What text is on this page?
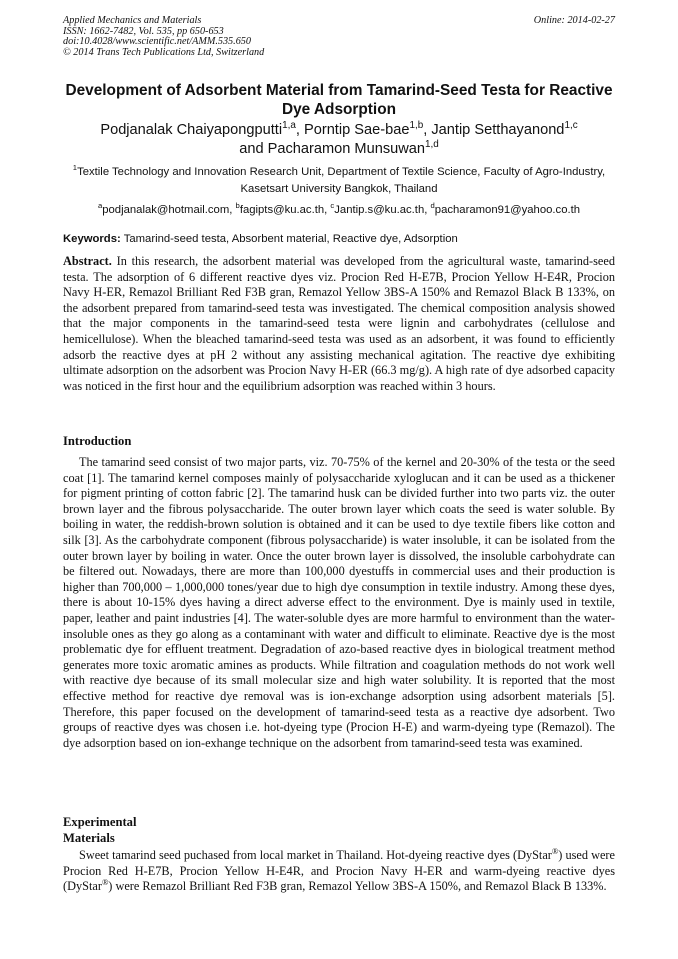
Applied Mechanics and Materials
ISSN: 1662-7482, Vol. 535, pp 650-653
doi:10.4028/www.scientific.net/AMM.535.650
© 2014 Trans Tech Publications Ltd, Switzerland
Online: 2014-02-27
Development of Adsorbent Material from Tamarind-Seed Testa for Reactive Dye Adsorption
Podjanalak Chaiyapongputti$^{1,a}$, Porntip Sae-bae$^{1,b}$, Jantip Setthayanond$^{1,c}$
and Pacharamon Munsuwan$^{1,d}$
$^1$Textile Technology and Innovation Research Unit, Department of Textile Science, Faculty of Agro-Industry, Kasetsart University Bangkok, Thailand
$^a$podjanalak@hotmail.com, $^b$fagipts@ku.ac.th, $^c$Jantip.s@ku.ac.th, $^d$pacharamon91@yahoo.co.th
Keywords: Tamarind-seed testa, Absorbent material, Reactive dye, Adsorption
Abstract. In this research, the adsorbent material was developed from the agricultural waste, tamarind-seed testa. The adsorption of 6 different reactive dyes viz. Procion Red H-E7B, Procion Yellow H-E4R, Procion Navy H-ER, Remazol Brilliant Red F3B gran, Remazol Yellow 3BS-A 150% and Remazol Black B 133%, on the adsorbent prepared from tamarind-seed testa was investigated. The chemical composition analysis showed that the major components in the tamarind-seed testa were lignin and carbohydrates (cellulose and hemicellulose). When the bleached tamarind-seed testa was used as an adsorbent, it was found to efficiently adsorb the reactive dyes at pH 2 without any assisting mechanical agitation. The reactive dye exhibiting ultimate adsorption on the adsorbent was Procion Navy H-ER (66.3 mg/g). A high rate of dye adsorbed capacity was noticed in the first hour and the equilibrium adsorption was reached within 3 hours.
Introduction
The tamarind seed consist of two major parts, viz. 70-75% of the kernel and 20-30% of the testa or the seed coat [1]. The tamarind kernel composes mainly of polysaccharide xyloglucan and it can be used as a thickener for pigment printing of cotton fabric [2]. The tamarind husk can be divided further into two parts viz. the outer brown layer and the fibrous polysaccharide. The outer brown layer which coats the seed is water soluble. By boiling in water, the reddish-brown solution is obtained and it can be used to dye textile fibers like cotton and silk [3]. As the carbohydrate component (fibrous polysaccharide) is water insoluble, it can be isolated from the outer brown layer by boiling in water. Once the outer brown layer is dissolved, the insoluble carbohydrate can be filtered out. Nowadays, there are more than 100,000 dyestuffs in commercial uses and their production is higher than 700,000 – 1,000,000 tones/year due to high dye consumption in textile industry. Among these dyes, there is about 10-15% dyes having a direct adverse effect to the environment. Dye is mainly used in textile, paper, leather and paint industries [4]. The water-soluble dyes are more harmful to environment than the water-insoluble ones as they go along as a contaminant with water and difficult to eliminate. Reactive dye is the most problematic dye for effluent treatment. Degradation of azo-based reactive dyes in biological treatment method generates more toxic aromatic amines as products. While filtration and coagulation methods do not work well with reactive dye because of its small molecular size and high water solubility. It is reported that the most effective method for reactive dye removal was is ion-exchange adsorption using adsorbent materials [5]. Therefore, this paper focused on the development of tamarind-seed testa as a reactive dye adsorbent. Two groups of reactive dyes was chosen i.e. hot-dyeing type (Procion H-E) and warm-dyeing type (Remazol). The dye adsorption based on ion-exhange technique on the adsorbent from tamarind-seed testa was examined.
Experimental
Materials
Sweet tamarind seed puchased from local market in Thailand. Hot-dyeing reactive dyes (DyStar®) used were Procion Red H-E7B, Procion Yellow H-E4R, and Procion Navy H-ER and warm-dyeing reactive dyes (DyStar®) were Remazol Brilliant Red F3B gran, Remazol Yellow 3BS-A 150%, and Remazol Black B 133%.
